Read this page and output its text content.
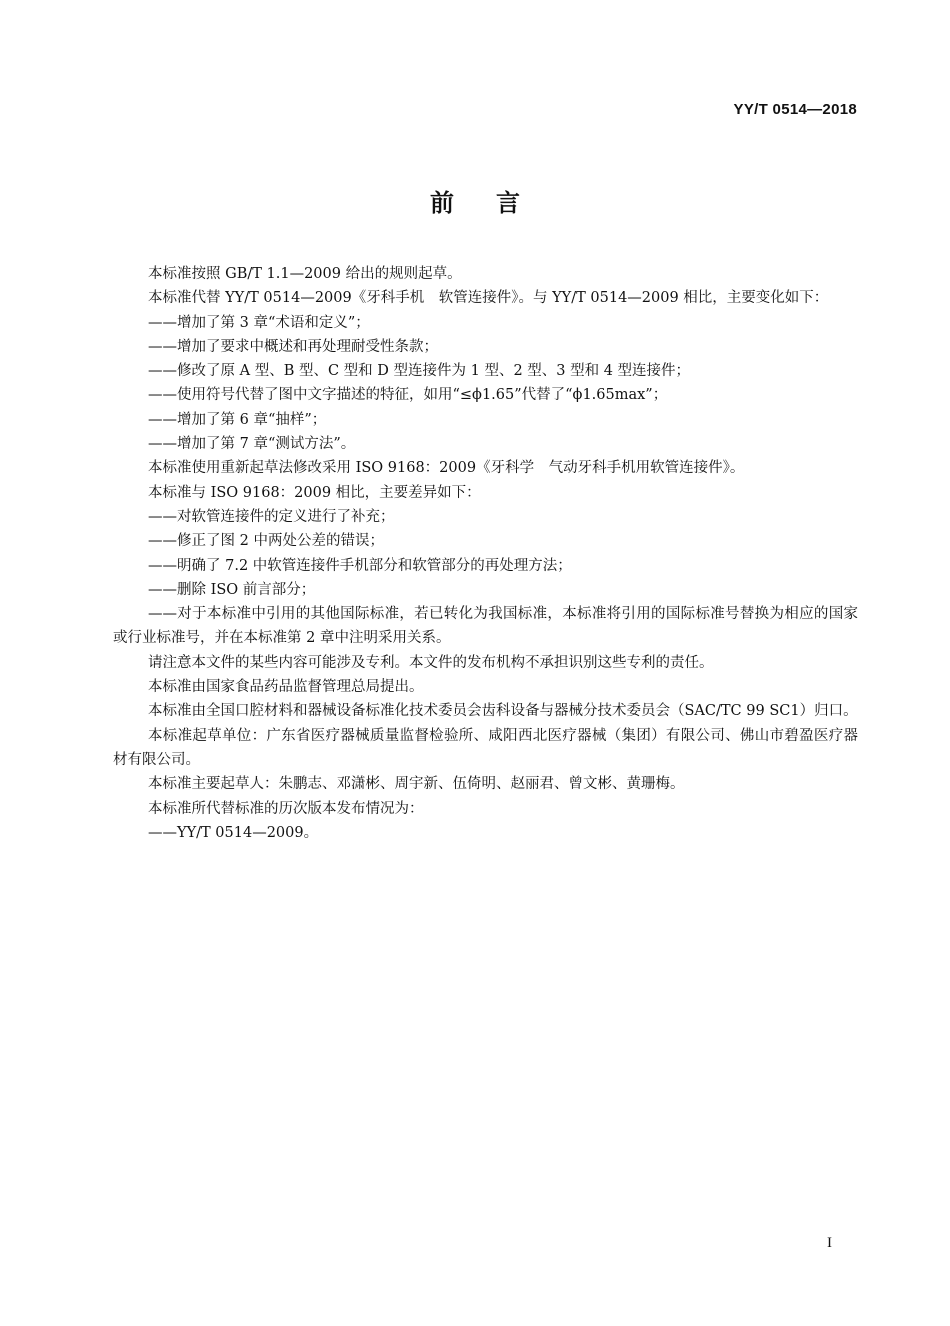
YY/T 0514—2018
前言

本标准按照 GB/T 1.1—2009 给出的规则起草。

本标准代替 YY/T 0514—2009《牙科手机　软管连接件》。与 YY/T 0514—2009 相比，主要变化如下：

——增加了第 3 章“术语和定义”；

——增加了要求中概述和再处理耐受性条款；

——修改了原 A 型、B 型、C 型和 D 型连接件为 1 型、2 型、3 型和 4 型连接件；

——使用符号代替了图中文字描述的特征，如用“≤ϕ1.65”代替了“ϕ1.65max”；

——增加了第 6 章“抽样”；

——增加了第 7 章“测试方法”。

本标准使用重新起草法修改采用 ISO 9168：2009《牙科学　气动牙科手机用软管连接件》。

本标准与 ISO 9168：2009 相比，主要差异如下：

——对软管连接件的定义进行了补充；

——修正了图 2 中两处公差的错误；

——明确了 7.2 中软管连接件手机部分和软管部分的再处理方法；

——删除 ISO 前言部分；

——对于本标准中引用的其他国际标准，若已转化为我国标准，本标准将引用的国际标准号替换为相应的国家或行业标准号，并在本标准第 2 章中注明采用关系。

请注意本文件的某些内容可能涉及专利。本文件的发布机构不承担识别这些专利的责任。

本标准由国家食品药品监督管理总局提出。

本标准由全国口腔材料和器械设备标准化技术委员会齿科设备与器械分技术委员会（SAC/TC 99 SC1）归口。

本标准起草单位：广东省医疗器械质量监督检验所、咸阳西北医疗器械（集团）有限公司、佛山市碧盈医疗器材有限公司。

本标准主要起草人：朱鹏志、邓潇彬、周宇新、伍倚明、赵丽君、曾文彬、黄珊梅。

本标准所代替标准的历次版本发布情况为：

——YY/T 0514—2009。

I
